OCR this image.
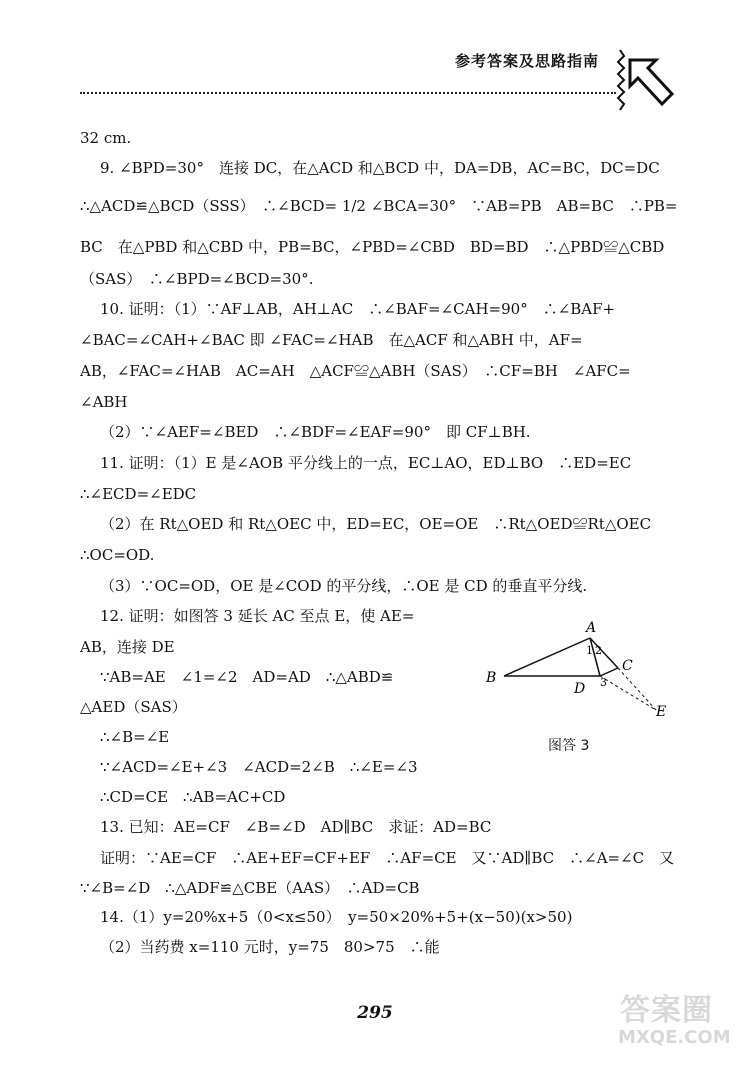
参考答案及思路指南
32 cm.
9. ∠BPD=30°　连接 DC，在△ACD 和△BCD 中，DA=DB，AC=BC，DC=DC
∴△ACD≌△BCD（SSS）　∴∠BCD= 1/2 ∠BCA=30°　∵AB=PB　AB=BC　∴PB=
BC　在△PBD 和△CBD 中，PB=BC，∠PBD=∠CBD　BD=BD　∴△PBD≌△CBD
（SAS）　∴∠BPD=∠BCD=30°.
10. 证明：（1）∵AF⊥AB，AH⊥AC　∴∠BAF=∠CAH=90°　∴∠BAF+
∠BAC=∠CAH+∠BAC 即 ∠FAC=∠HAB　在△ACF 和△ABH 中，AF=
AB，∠FAC=∠HAB　AC=AH　△ACF≌△ABH（SAS）　∴CF=BH　∠AFC=
∠ABH
（2）∵∠AEF=∠BED　∴∠BDF=∠EAF=90°　即 CF⊥BH.
11. 证明：（1）E 是∠AOB 平分线上的一点，EC⊥AO，ED⊥BO　∴ED=EC
∴∠ECD=∠EDC
（2）在 Rt△OED 和 Rt△OEC 中，ED=EC，OE=OE　∴Rt△OED≌Rt△OEC
∴OC=OD.
（3）∵OC=OD，OE 是∠COD 的平分线，∴OE 是 CD 的垂直平分线.
12. 证明：如图答 3 延长 AC 至点 E，使 AE=
AB，连接 DE
∵AB=AE　∠1=∠2　AD=AD　∴△ABD≌
△AED（SAS）
∴∠B=∠E
∵∠ACD=∠E+∠3　∠ACD=2∠B　∴∠E=∠3
∴CD=CE　∴AB=AC+CD
13. 已知：AE=CF　∠B=∠D　AD∥BC　求证：AD=BC
证明：∵AE=CF　∴AE+EF=CF+EF　∴AF=CE　又∵AD∥BC　∴∠A=∠C　又
∵∠B=∠D　∴△ADF≌△CBE（AAS）　∴AD=CB
14.（1）y=20%x+5（0<x≤50）　y=50×20%+5+(x−50)(x>50)
（2）当药费 x=110 元时，y=75　80>75　∴能
A
B
C
D
E
1 2
3
图答 3
295	答案圈
MXQE.COM
